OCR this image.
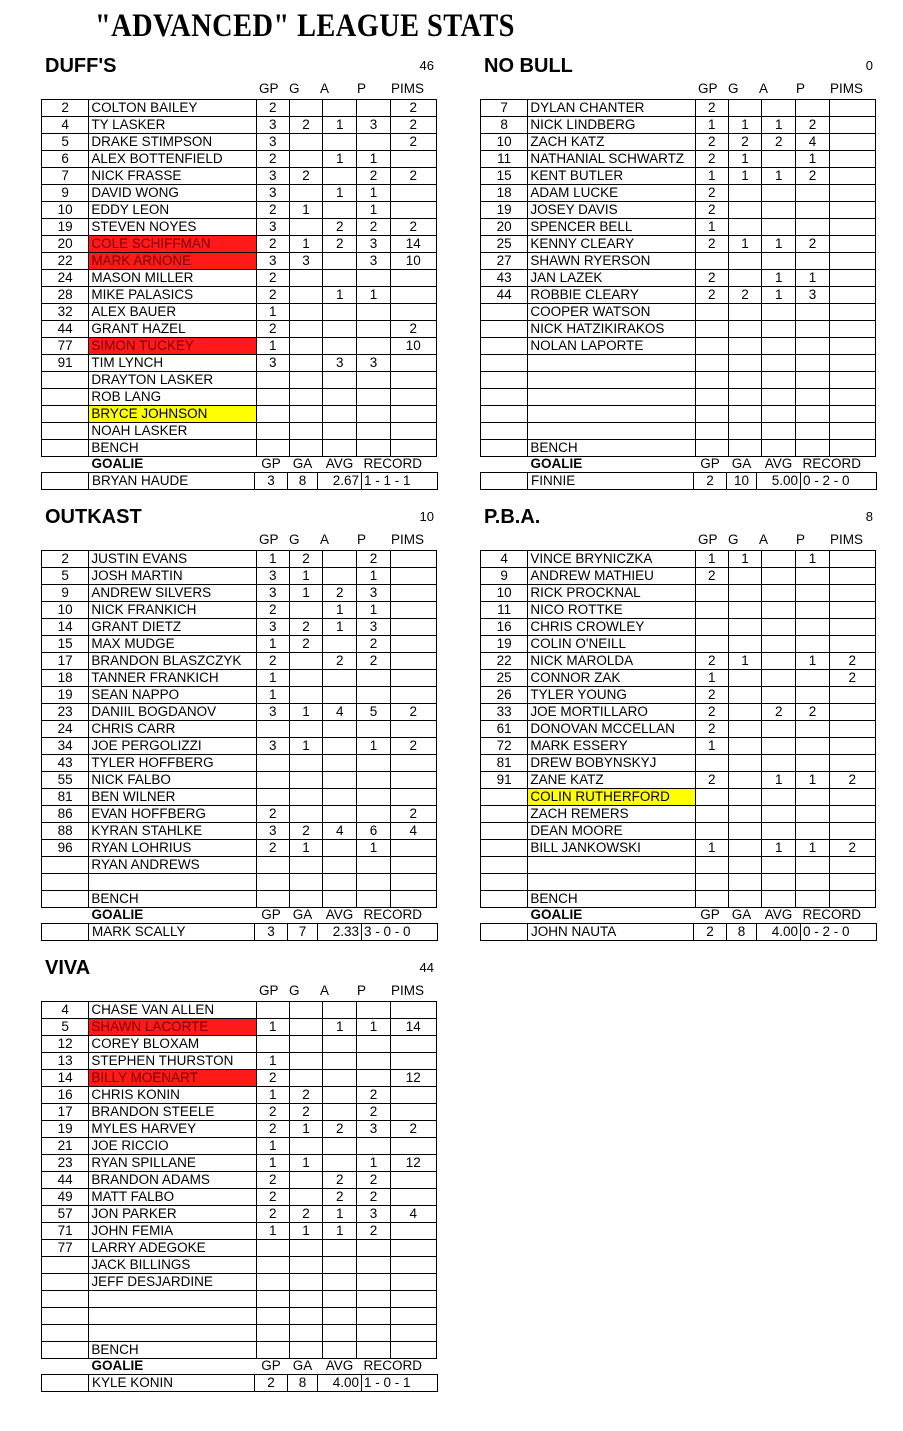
"ADVANCED" LEAGUE STATS
DUFF'S	46
GP G A P PIMS
2	COLTON BAILEY	2				2
4	TY LASKER	3	2	1	3	2
5	DRAKE STIMPSON	3				2
6	ALEX BOTTENFIELD	2		1	1	
7	NICK FRASSE	3	2		2	2
9	DAVID WONG	3		1	1	
10	EDDY LEON	2	1		1	
19	STEVEN NOYES	3		2	2	2
20	COLE SCHIFFMAN	2	1	2	3	14
22	MARK ARNONE	3	3		3	10
24	MASON MILLER	2				
28	MIKE PALASICS	2		1	1	
32	ALEX BAUER	1				
44	GRANT HAZEL	2				2
77	SIMON TUCKEY	1				10
91	TIM LYNCH	3		3	3	
	DRAYTON LASKER					
	ROB LANG					
	BRYCE JOHNSON					
	NOAH LASKER					
	BENCH					
	GOALIE	GP	GA	AVG	RECORD
	BRYAN HAUDE	3	8	2.67	1 - 1 - 1
NO BULL	0
GP G A P PIMS
7	DYLAN CHANTER	2				
8	NICK LINDBERG	1	1	1	2	
10	ZACH KATZ	2	2	2	4	
11	NATHANIAL SCHWARTZ	2	1		1	
15	KENT BUTLER	1	1	1	2	
18	ADAM LUCKE	2				
19	JOSEY DAVIS	2				
20	SPENCER BELL	1				
25	KENNY CLEARY	2	1	1	2	
27	SHAWN RYERSON					
43	JAN LAZEK	2		1	1	
44	ROBBIE CLEARY	2	2	1	3	
	COOPER WATSON					
	NICK HATZIKIRAKOS					
	NOLAN LAPORTE					

	BENCH					
	GOALIE	GP	GA	AVG	RECORD
	FINNIE	2	10	5.00	0 - 2 - 0
OUTKAST	10
GP G A P PIMS
2	JUSTIN EVANS	1	2		2	
5	JOSH MARTIN	3	1		1	
9	ANDREW SILVERS	3	1	2	3	
10	NICK FRANKICH	2		1	1	
14	GRANT DIETZ	3	2	1	3	
15	MAX MUDGE	1	2		2	
17	BRANDON BLASZCZYK	2		2	2	
18	TANNER FRANKICH	1				
19	SEAN NAPPO	1				
23	DANIIL BOGDANOV	3	1	4	5	2
24	CHRIS CARR					
34	JOE PERGOLIZZI	3	1		1	2
43	TYLER HOFFBERG					
55	NICK FALBO					
81	BEN WILNER					
86	EVAN HOFFBERG	2				2
88	KYRAN STAHLKE	3	2	4	6	4
96	RYAN LOHRIUS	2	1		1	
	RYAN ANDREWS					

	BENCH					
	GOALIE	GP	GA	AVG	RECORD
	MARK SCALLY	3	7	2.33	3 - 0 - 0
P.B.A.	8
GP G A P PIMS
4	VINCE BRYNICZKA	1	1		1	
9	ANDREW MATHIEU	2				
10	RICK PROCKNAL					
11	NICO ROTTKE					
16	CHRIS CROWLEY					
19	COLIN O'NEILL					
22	NICK MAROLDA	2	1		1	2
25	CONNOR ZAK	1				2
26	TYLER YOUNG	2				
33	JOE MORTILLARO	2		2	2	
61	DONOVAN MCCELLAN	2				
72	MARK ESSERY	1				
81	DREW BOBYNSKYJ					
91	ZANE KATZ	2		1	1	2
	COLIN RUTHERFORD					
	ZACH REMERS					
	DEAN MOORE					
	BILL JANKOWSKI	1		1	1	2

	BENCH					
	GOALIE	GP	GA	AVG	RECORD
	JOHN NAUTA	2	8	4.00	0 - 2 - 0
VIVA	44
GP G A P PIMS
4	CHASE VAN ALLEN					
5	SHAWN LACORTE	1		1	1	14
12	COREY BLOXAM					
13	STEPHEN THURSTON	1				
14	BILLY MOENART	2				12
16	CHRIS KONIN	1	2		2	
17	BRANDON STEELE	2	2		2	
19	MYLES HARVEY	2	1	2	3	2
21	JOE RICCIO	1				
23	RYAN SPILLANE	1	1		1	12
44	BRANDON ADAMS	2		2	2	
49	MATT FALBO	2		2	2	
57	JON PARKER	2	2	1	3	4
71	JOHN FEMIA	1	1	1	2	
77	LARRY ADEGOKE					
	JACK BILLINGS					
	JEFF DESJARDINE					

	BENCH					
	GOALIE	GP	GA	AVG	RECORD
	KYLE KONIN	2	8	4.00	1 - 0 - 1
